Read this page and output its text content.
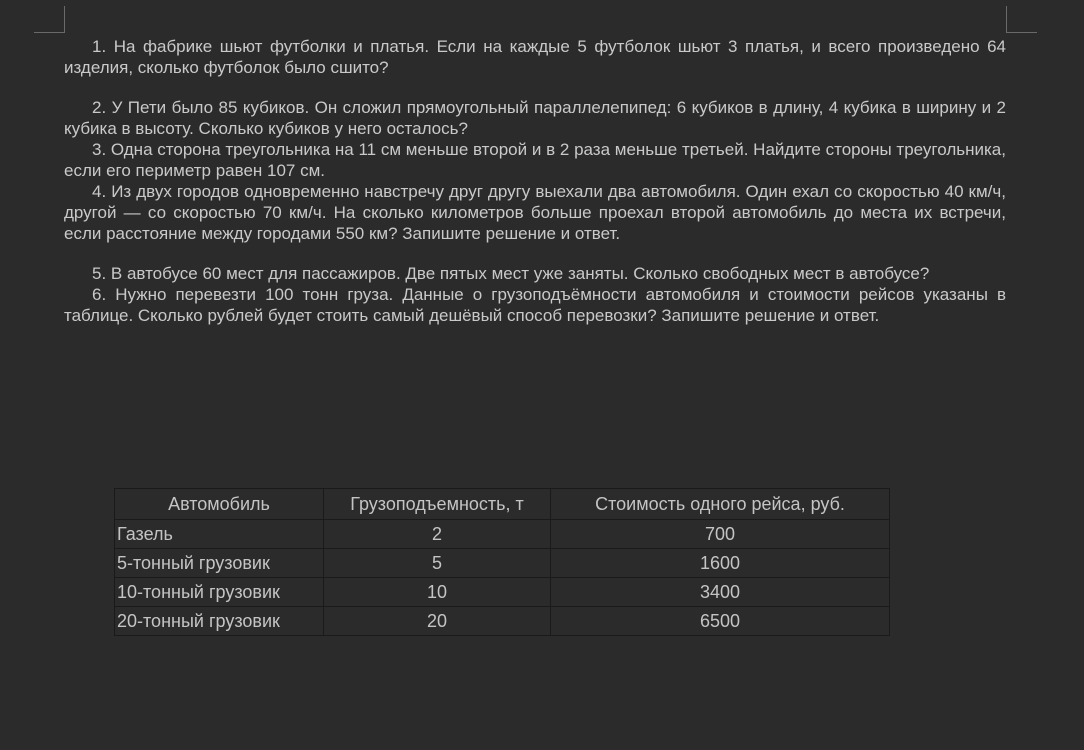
1. На фабрике шьют футболки и платья. Если на каждые 5 футболок шьют 3 платья, и всего произведено 64 изделия, сколько футболок было сшито?

2. У Пети было 85 кубиков. Он сложил прямоугольный параллелепипед: 6 кубиков в длину, 4 кубика в ширину и 2 кубика в высоту. Сколько кубиков у него осталось?

3. Одна сторона треугольника на 11 см меньше второй и в 2 раза меньше третьей. Найдите стороны треугольника, если его периметр равен 107 см.

4. Из двух городов одновременно навстречу друг другу выехали два автомобиля. Один ехал со скоростью 40 км/ч, другой — со скоростью 70 км/ч. На сколько километров больше проехал второй автомобиль до места их встречи, если расстояние между городами 550 км? Запишите решение и ответ.

5. В автобусе 60 мест для пассажиров. Две пятых мест уже заняты. Сколько свободных мест в автобусе?

6. Нужно перевезти 100 тонн груза. Данные о грузоподъёмности автомобиля и стоимости рейсов указаны в таблице. Сколько рублей будет стоить самый дешёвый способ перевозки? Запишите решение и ответ.

Автомобиль	Грузоподъемность, т	Стоимость одного рейса, руб.
Газель	2	700
5-тонный грузовик	5	1600
10-тонный грузовик	10	3400
20-тонный грузовик	20	6500
